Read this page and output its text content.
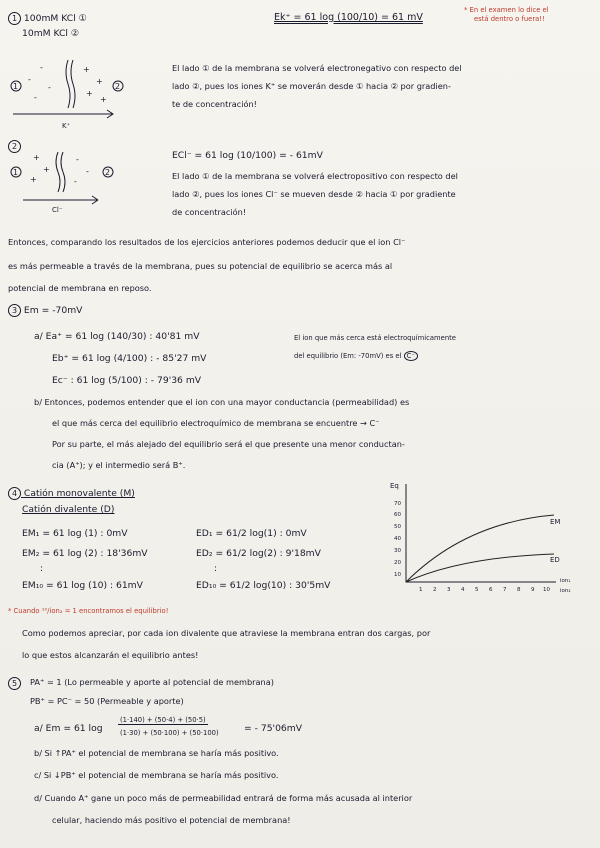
1 100mM KCl ①
10mM KCl ②
Ek⁺ = 61 log (100/10) = 61 mV
* En el examen lo dice el
está dentro o fuera!!
1	2
-
-
-
-
+
+
+
+
K⁺
El lado ① de la membrana se volverá electronegativo con respecto del
lado ②, pues los iones K⁺ se moverán desde ① hacia ② por gradien-
te de concentración!
2
1	2
+
+
+
-
-
-
Cl⁻
ECl⁻ = 61 log (10/100) = - 61mV
El lado ① de la membrana se volverá electropositivo con respecto del
lado ②, pues los iones Cl⁻ se mueven desde ② hacia ① por gradiente
de concentración!
Entonces, comparando los resultados de los ejercicios anteriores podemos deducir que el ion Cl⁻
es más permeable a través de la membrana, pues su potencial de equilibrio se acerca más al
potencial de membrana en reposo.
3 Em = -70mV
a/ Ea⁺ = 61 log (140/30) : 40'81 mV
Eb⁺ = 61 log (4/100) : - 85'27 mV
Ec⁻ : 61 log (5/100) : - 79'36 mV
El ion que más cerca está electroquímicamente
del equilibrio (Em: -70mV) es el C⁻
b/ Entonces, podemos entender que el ion con una mayor conductancia (permeabilidad) es
el que más cerca del equilibrio electroquímico de membrana se encuentre → C⁻
Por su parte, el más alejado del equilibrio será el que presente una menor conductan-
cia (A⁺); y el intermedio será B⁺.
4 Catión monovalente (M)
Catión divalente (D)
EM₁ = 61 log (1) : 0mV
EM₂ = 61 log (2) : 18'36mV
:
EM₁₀ = 61 log (10) : 61mV
ED₁ = 61/2 log(1) : 0mV
ED₂ = 61/2 log(2) : 9'18mV
:
ED₁₀ = 61/2 log(10) : 30'5mV
Eq
70
60
50
40
30
20
10
1 2 3 4 5 6 7 8 9 10
ion₁
ion₂
EM
ED
* Cuando ¹⁰/ion₂ = 1 encontramos el equilibrio!
Como podemos apreciar, por cada ion divalente que atraviese la membrana entran dos cargas, por
lo que estos alcanzarán el equilibrio antes!
5	PA⁺ = 1 (Lo permeable y aporte al potencial de membrana)
PB⁺ = PC⁻ = 50 (Permeable y aporte)
a/ Em = 61 log
(1·140) + (50·4) + (50·5)
(1·30) + (50·100) + (50·100)	= - 75'06mV
b/ Si ↑PA⁺ el potencial de membrana se haría más positivo.
c/ Si ↓PB⁺ el potencial de membrana se haría más positivo.
d/ Cuando A⁺ gane un poco más de permeabilidad entrará de forma más acusada al interior
celular, haciendo más positivo el potencial de membrana!
